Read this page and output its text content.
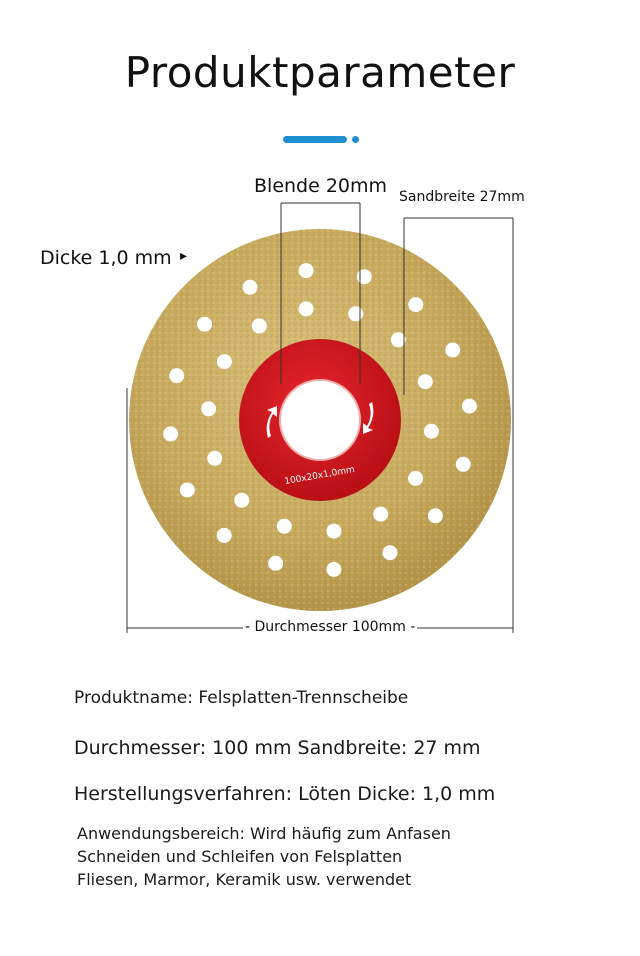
Produktparameter
100x20x1,0mm
Blende 20mm Sandbreite 27mm
Dicke 1,0 mm ▸
- Durchmesser 100mm -
Produktname: Felsplatten-Trennscheibe
Durchmesser: 100 mm Sandbreite: 27 mm
Herstellungsverfahren: Löten Dicke: 1,0 mm
Anwendungsbereich: Wird häufig zum Anfasen
Schneiden und Schleifen von Felsplatten
Fliesen, Marmor, Keramik usw. verwendet
